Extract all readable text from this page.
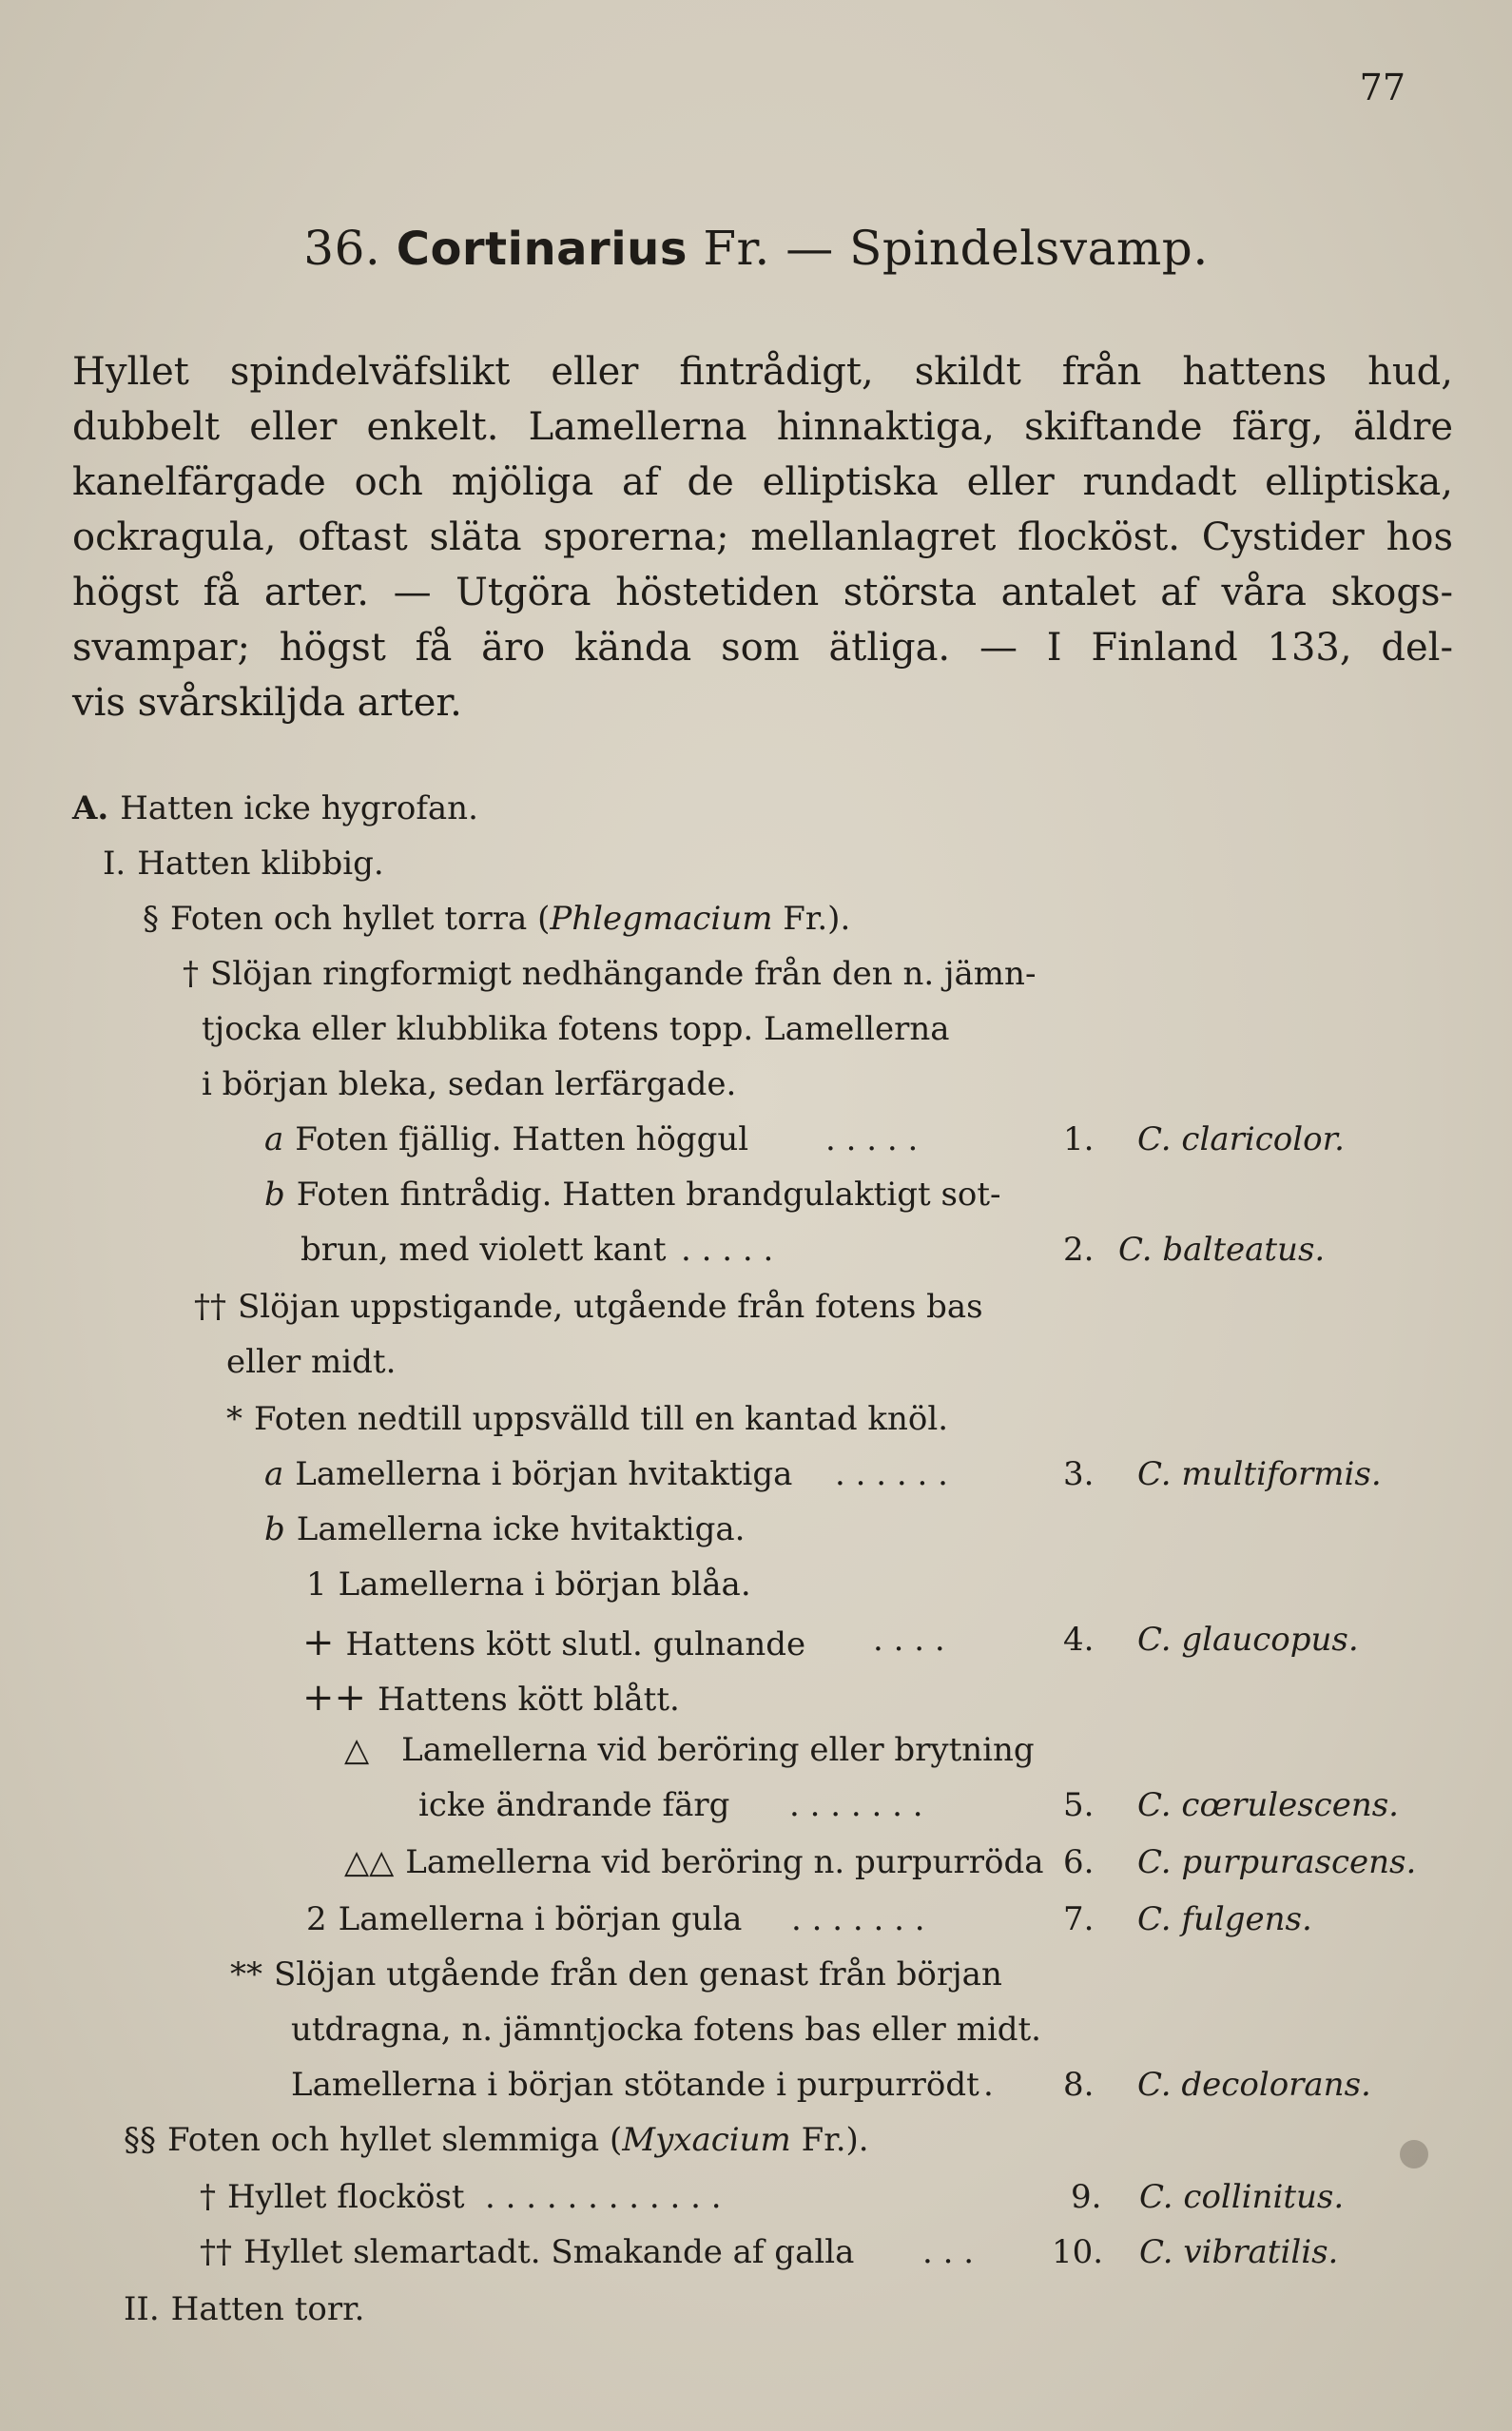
77
36. Cortinarius Fr. — Spindelsvamp.
Hyllet spindelväfslikt eller fintrådigt, skildt från hattens hud,
dubbelt eller enkelt. Lamellerna hinnaktiga, skiftande färg, äldre
kanelfärgade och mjöliga af de elliptiska eller rundadt elliptiska,
ockragula, oftast släta sporerna; mellanlagret flocköst. Cystider hos
högst få arter. — Utgöra höstetiden största antalet af våra skogs-
svampar; högst få äro kända som ätliga. — I Finland 133, del-
vis svårskiljda arter.
A. Hatten icke hygrofan.
I. Hatten klibbig.
§ Foten och hyllet torra (Phlegmacium Fr.).
† Slöjan ringformigt nedhängande från den n. jämn-
tjocka eller klubblika fotens topp. Lamellerna
i början bleka, sedan lerfärgade.
a Foten fjällig. Hatten höggul . . . . .	1. C. claricolor.
b Foten fintrådig. Hatten brandgulaktigt sot-
brun, med violett kant . . . . .	2. C. balteatus.
†† Slöjan uppstigande, utgående från fotens bas
eller midt.
* Foten nedtill uppsvälld till en kantad knöl.
a Lamellerna i början hvitaktiga . . . . . .	3. C. multiformis.
b Lamellerna icke hvitaktiga.
1 Lamellerna i början blåa.
+ Hattens kött slutl. gulnande . . . .	4. C. glaucopus.
++ Hattens kött blått.
△ Lamellerna vid beröring eller brytning
icke ändrande färg . . . . . . .	5. C. cœrulescens.
△△ Lamellerna vid beröring n. purpurröda 6. C. purpurascens.
2 Lamellerna i början gula . . . . . . .	7. C. fulgens.
** Slöjan utgående från den genast från början
utdragna, n. jämntjocka fotens bas eller midt.
Lamellerna i början stötande i purpurrödt . 8. C. decolorans.
§§ Foten och hyllet slemmiga (Myxacium Fr.).
† Hyllet flocköst . . . . . . . . . . . .	9. C. collinitus.
†† Hyllet slemartadt. Smakande af galla . . . 10. C. vibratilis.
II. Hatten torr.
